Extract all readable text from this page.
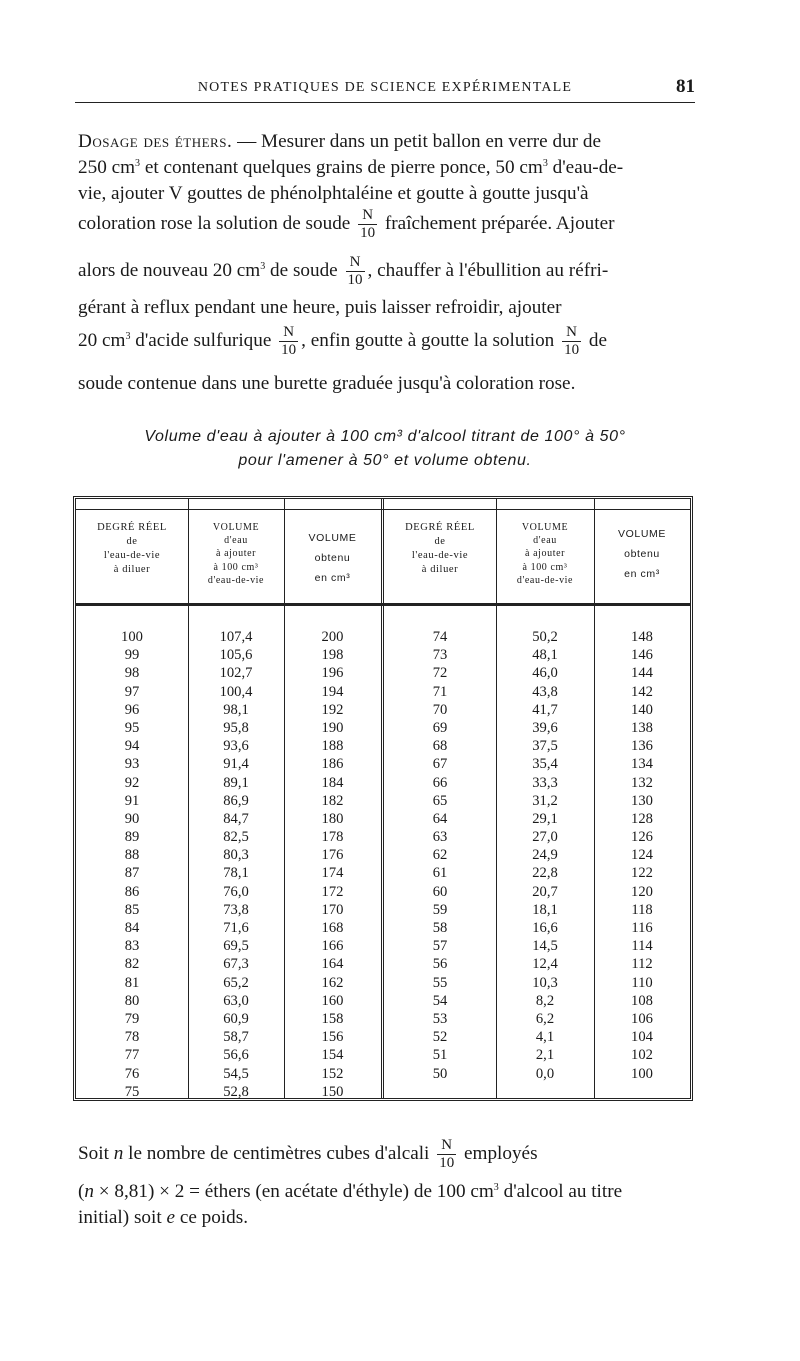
NOTES PRATIQUES DE SCIENCE EXPÉRIMENTALE	81
Dosage des éthers. — Mesurer dans un petit ballon en verre dur de
250 $cm^3$ et contenant quelques grains de pierre ponce, 50 $cm^3$ d'eau-de-
vie, ajouter V gouttes de phénolphtaléine et goutte à goutte jusqu'à
coloration rose la solution de soude $\frac{N}{10}$ fraîchement préparée. Ajouter
alors de nouveau 20 $cm^3$ de soude $\frac{N}{10}$ , chauffer à l'ébullition au réfri-
gérant à reflux pendant une heure, puis laisser refroidir, ajouter
20 $cm^3$ d'acide sulfurique $\frac{N}{10}$ , enfin goutte à goutte la solution $\frac{N}{10}$ de
soude contenue dans une burette graduée jusqu'à coloration rose.
Volume d'eau à ajouter à 100 cm³ d'alcool titrant de 100° à 50°
pour l'amener à 50° et volume obtenu.
DEGRÉ RÉEL
de
l'eau-de-vie
à diluer
VOLUME
d'eau
à ajouter
à 100 cm³
d'eau-de-vie
VOLUME
obtenu
en cm³
DEGRÉ RÉEL
de
l'eau-de-vie
à diluer
VOLUME
d'eau
à ajouter
à 100 cm³
d'eau-de-vie
VOLUME
obtenu
en cm³
100
99
98
97
96
95
94
93
92
91
90
89
88
87
86
85
84
83
82
81
80
79
78
77
76
75
107,4
105,6
102,7
100,4
98,1
95,8
93,6
91,4
89,1
86,9
84,7
82,5
80,3
78,1
76,0
73,8
71,6
69,5
67,3
65,2
63,0
60,9
58,7
56,6
54,5
52,8
200
198
196
194
192
190
188
186
184
182
180
178
176
174
172
170
168
166
164
162
160
158
156
154
152
150
74
73
72
71
70
69
68
67
66
65
64
63
62
61
60
59
58
57
56
55
54
53
52
51
50
50,2
48,1
46,0
43,8
41,7
39,6
37,5
35,4
33,3
31,2
29,1
27,0
24,9
22,8
20,7
18,1
16,6
14,5
12,4
10,3
8,2
6,2
4,1
2,1
0,0
148
146
144
142
140
138
136
134
132
130
128
126
124
122
120
118
116
114
112
110
108
106
104
102
100
Soit n le nombre de centimètres cubes d'alcali $\frac{N}{10}$ employés
(n × 8,81) × 2 = éthers (en acétate d'éthyle) de 100 $cm^3$ d'alcool au titre
initial) soit e ce poids.
